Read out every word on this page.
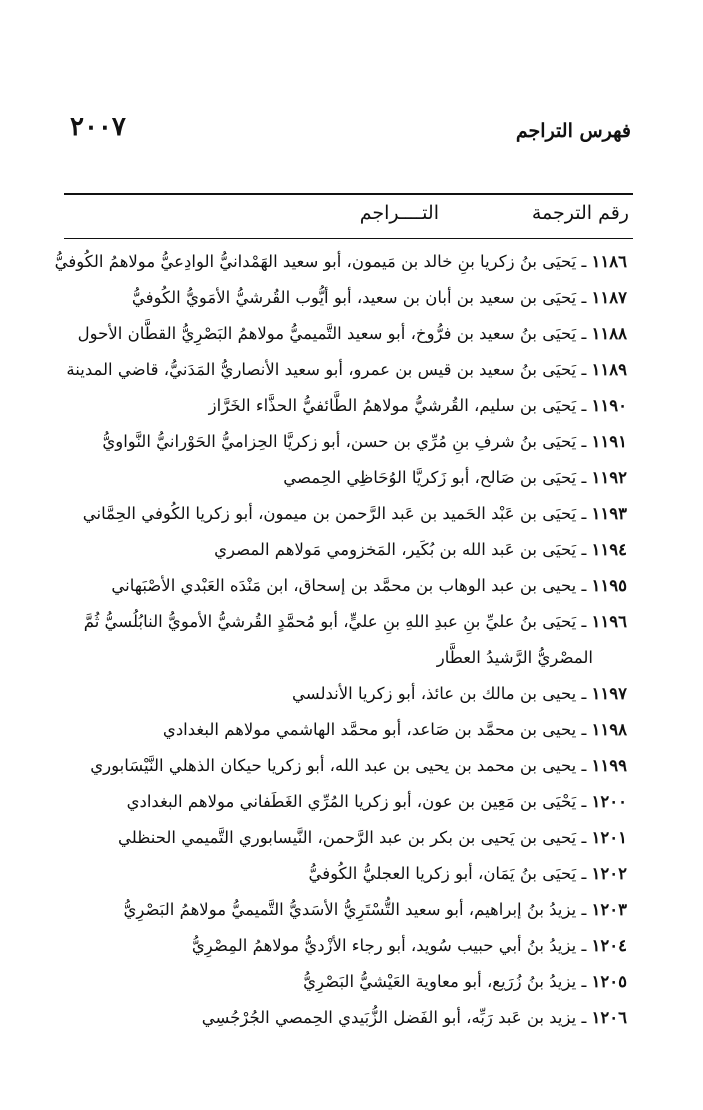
فهرس التراجم
٢٠٠٧
رقم الترجمة
التــــراجم
١١٨٦ ـ يَحيَى بنُ زكريا بنِ خالد بن مَيمون، أبو سعيد الهَمْدانيُّ الوادِعيُّ مولاهمُ الكُوفيُّ
١١٨٧ ـ يَحيَى بن سعيد بن أبان بن سعيد، أبو أيُّوب القُرشيُّ الأمَويُّ الكُوفيُّ
١١٨٨ ـ يَحيَى بنُ سعيد بن فرُّوخ، أبو سعيد التَّميميُّ مولاهمُ البَصْرِيُّ القطَّان الأحول
١١٨٩ ـ يَحيَى بنُ سعيد بن قيس بن عمرو، أبو سعيد الأنصاريُّ المَدَنيُّ، قاضي المدينة
١١٩٠ ـ يَحيَى بن سليم، القُرشيُّ مولاهمُ الطَّائفيُّ الحذَّاء الخَرَّاز
١١٩١ ـ يَحيَى بنُ شرفِ بنِ مُرِّي بن حسن، أبو زكريَّا الحِزاميُّ الحَوْرانيُّ النَّواويُّ
١١٩٢ ـ يَحيَى بن صَالح، أبو زَكريَّا الوُحَاظِي الحِمصي
١١٩٣ ـ يَحيَى بن عَبْد الحَميد بن عَبد الرَّحمن بن ميمون، أبو زكريا الكُوفي الحِمَّاني
١١٩٤ ـ يَحيَى بن عَبد الله بن بُكَير، المَخزومي مَولاهم المصري
١١٩٥ ـ يحيى بن عبد الوهاب بن محمَّد بن إسحاق، ابن مَنْدَه العَبْدي الأصْبَهاني
١١٩٦ ـ يَحيَى بنُ عليِّ بنِ عبدِ اللهِ بنِ عليٍّ، أبو مُحمَّدٍ القُرشيُّ الأمويُّ النابُلُسيُّ ثُمَّ
المصْريُّ الرَّشيدُ العطَّار
١١٩٧ ـ يحيى بن مالك بن عائذ، أبو زكريا الأندلسي
١١٩٨ ـ يحيى بن محمَّد بن صَاعد، أبو محمَّد الهاشمي مولاهم البغدادي
١١٩٩ ـ يحيى بن محمد بن يحيى بن عبد الله، أبو زكريا حيكان الذهلي النَّيْسَابوري
١٢٠٠ ـ يَحْيَى بن مَعِين بن عون، أبو زكريا المُرِّي الغَطَفاني مولاهم البغدادي
١٢٠١ ـ يَحيى بن يَحيى بن بكر بن عبد الرَّحمن، النَّيسابوري التَّميمي الحنظلي
١٢٠٢ ـ يَحيَى بنُ يَمَان، أبو زكريا العجليُّ الكُوفيُّ
١٢٠٣ ـ يزيدُ بنُ إبراهيم، أبو سعيد التُّسْتَرِيُّ الأسَديُّ التَّميميُّ مولاهمُ البَصْرِيُّ
١٢٠٤ ـ يزيدُ بنُ أبي حبيب سُويد، أبو رجاء الأزْديُّ مولاهمُ المِصْرِيُّ
١٢٠٥ ـ يزيدُ بنُ زُرَيع، أبو معاوية العَيْشيُّ البَصْرِيُّ
١٢٠٦ ـ يزيد بن عَبد رَبِّه، أبو الفَضل الزُّبَيدي الحِمصي الجُرْجُسِي
